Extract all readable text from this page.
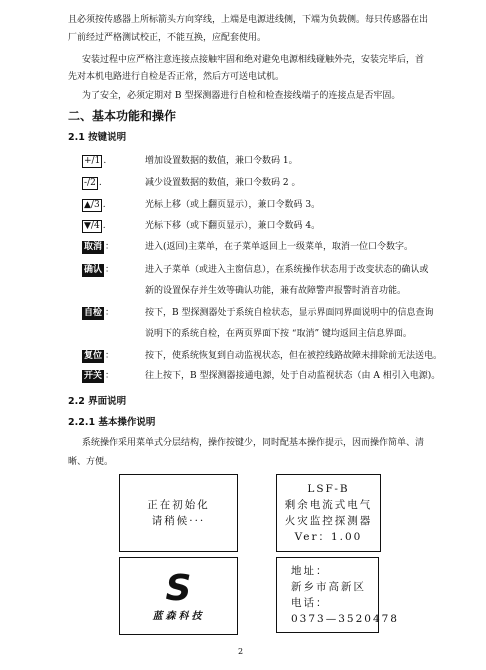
且必须按传感器上所标箭头方向穿线，上端是电源进线侧，下端为负载侧。每只传感器在出
厂前经过严格测试校正，不能互换，应配套使用。
安装过程中应严格注意连接点接触牢固和绝对避免电源相线碰触外壳，安装完毕后，首
先对本机电路进行自检是否正常，然后方可送电试机。
为了安全，必须定期对 B 型探测器进行自检和检查接线端子的连接点是否牢固。
二、基本功能和操作
2.1 按键说明
+/1 .	增加设置数据的数值，兼口令数码 1。
-/2 .	减少设置数据的数值，兼口令数码 2 。
▲/3 .	光标上移（或上翻页显示），兼口令数码 3。
▼/4 .	光标下移（或下翻页显示），兼口令数码 4。
取消 ：	进入(返回)主菜单，在子菜单返回上一级菜单，取消一位口令数字。
确认 ：	进入子菜单（或进入主窗信息），在系统操作状态用于改变状态的确认或
新的设置保存并生效等确认功能，兼有故障警声报警时消音功能。
自检 ：	按下，B 型探测器处于系统自检状态，显示界面同界面说明中的信息查询
说明下的系统自检，在两页界面下按 “取消” 键均返回主信息界面。
复位 ：	按下，使系统恢复到自动监视状态，但在被控线路故障未排除前无法送电。
开关 ：	往上按下，B 型探测器接通电源，处于自动监视状态（由 A 相引入电源)。
2.2 界面说明
2.2.1 基本操作说明
系统操作采用菜单式分层结构，操作按键少，同时配基本操作提示，因而操作简单、清
晰、方便。
正在初始化
请稍候···
LSF-B
剩余电流式电气
火灾监控探测器
Ver：1.00
S
蓝森科技
地址：
新乡市高新区
电话：
0373—3520478
2
